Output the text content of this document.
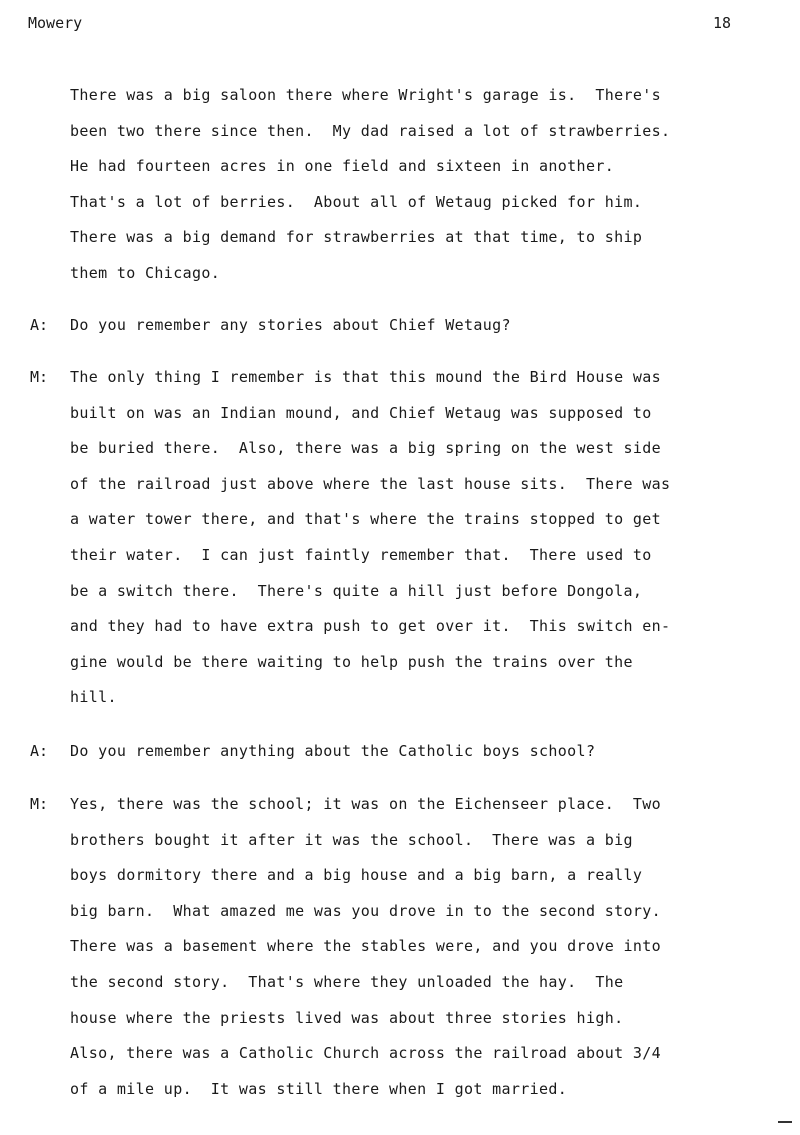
Mowery	18
There was a big saloon there where Wright's garage is.  There's
been two there since then.  My dad raised a lot of strawberries.
He had fourteen acres in one field and sixteen in another.
That's a lot of berries.  About all of Wetaug picked for him.
There was a big demand for strawberries at that time, to ship
them to Chicago.
A: Do you remember any stories about Chief Wetaug?
M: The only thing I remember is that this mound the Bird House was
built on was an Indian mound, and Chief Wetaug was supposed to
be buried there.  Also, there was a big spring on the west side
of the railroad just above where the last house sits.  There was
a water tower there, and that's where the trains stopped to get
their water.  I can just faintly remember that.  There used to
be a switch there.  There's quite a hill just before Dongola,
and they had to have extra push to get over it.  This switch en-
gine would be there waiting to help push the trains over the
hill.
A: Do you remember anything about the Catholic boys school?
M: Yes, there was the school; it was on the Eichenseer place.  Two
brothers bought it after it was the school.  There was a big
boys dormitory there and a big house and a big barn, a really
big barn.  What amazed me was you drove in to the second story.
There was a basement where the stables were, and you drove into
the second story.  That's where they unloaded the hay.  The
house where the priests lived was about three stories high.
Also, there was a Catholic Church across the railroad about 3/4
of a mile up.  It was still there when I got married.
